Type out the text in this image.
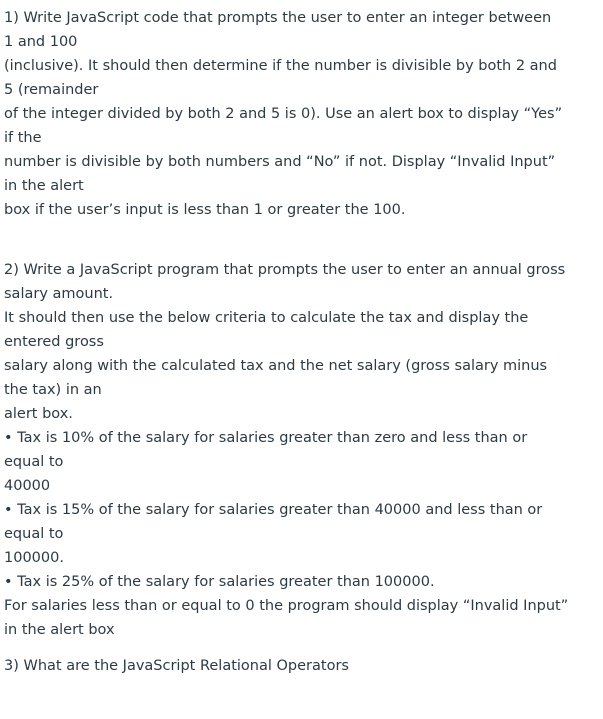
1) Write JavaScript code that prompts the user to enter an integer between
1 and 100
(inclusive). It should then determine if the number is divisible by both 2 and
5 (remainder
of the integer divided by both 2 and 5 is 0). Use an alert box to display “Yes”
if the
number is divisible by both numbers and “No” if not. Display “Invalid Input”
in the alert
box if the user’s input is less than 1 or greater the 100.
2) Write a JavaScript program that prompts the user to enter an annual gross
salary amount.
It should then use the below criteria to calculate the tax and display the
entered gross
salary along with the calculated tax and the net salary (gross salary minus
the tax) in an
alert box.
• Tax is 10% of the salary for salaries greater than zero and less than or
equal to
40000
• Tax is 15% of the salary for salaries greater than 40000 and less than or
equal to
100000.
• Tax is 25% of the salary for salaries greater than 100000.
For salaries less than or equal to 0 the program should display “Invalid Input”
in the alert box
3) What are the JavaScript Relational Operators
